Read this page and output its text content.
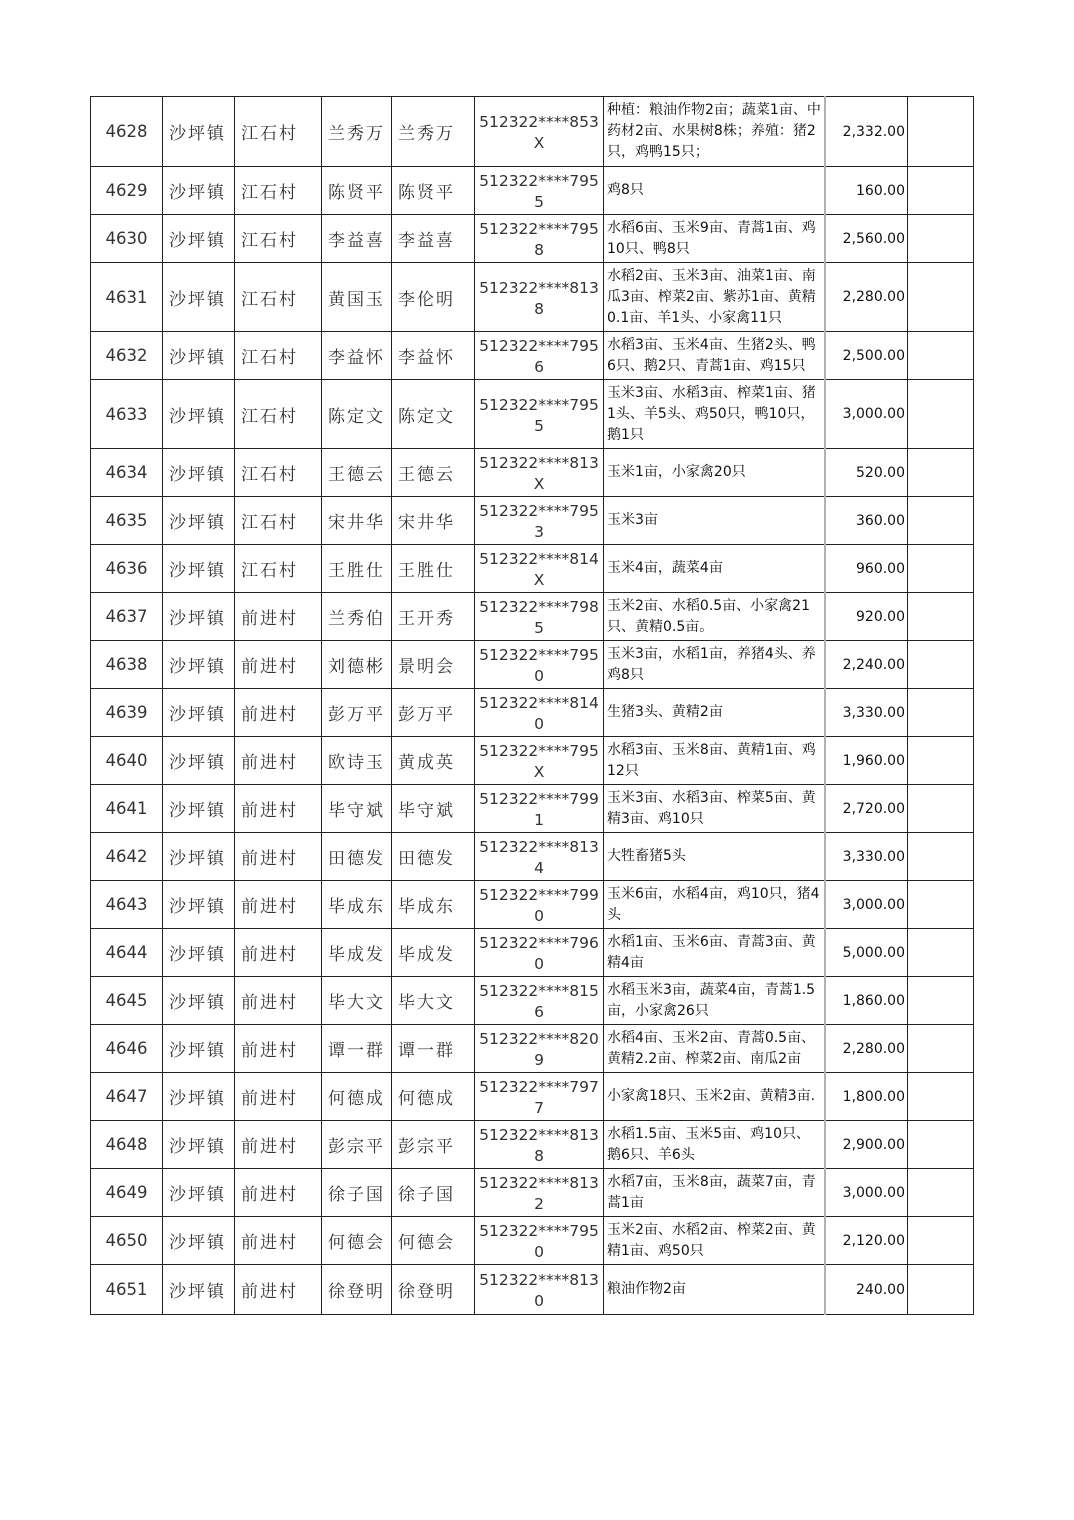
4628	沙坪镇	江石村	兰秀万	兰秀万	512322****853X	种植：粮油作物2亩；蔬菜1亩、中药材2亩、水果树8株；养殖：猪2只，鸡鸭15只；	2,332.00	
4629	沙坪镇	江石村	陈贤平	陈贤平	512322****7955	鸡8只	160.00	
4630	沙坪镇	江石村	李益喜	李益喜	512322****7958	水稻6亩、玉米9亩、青蒿1亩、鸡10只、鸭8只	2,560.00	
4631	沙坪镇	江石村	黄国玉	李伦明	512322****8138	水稻2亩、玉米3亩、油菜1亩、南瓜3亩、榨菜2亩、紫苏1亩、黄精0.1亩、羊1头、小家禽11只	2,280.00	
4632	沙坪镇	江石村	李益怀	李益怀	512322****7956	水稻3亩、玉米4亩、生猪2头、鸭6只、鹅2只、青蒿1亩、鸡15只	2,500.00	
4633	沙坪镇	江石村	陈定文	陈定文	512322****7955	玉米3亩、水稻3亩、榨菜1亩、猪1头、羊5头、鸡50只，鸭10只，鹅1只	3,000.00	
4634	沙坪镇	江石村	王德云	王德云	512322****813X	玉米1亩，小家禽20只	520.00	
4635	沙坪镇	江石村	宋井华	宋井华	512322****7953	玉米3亩	360.00	
4636	沙坪镇	江石村	王胜仕	王胜仕	512322****814X	玉米4亩，蔬菜4亩	960.00	
4637	沙坪镇	前进村	兰秀伯	王开秀	512322****7985	玉米2亩、水稻0.5亩、小家禽21只、黄精0.5亩。	920.00	
4638	沙坪镇	前进村	刘德彬	景明会	512322****7950	玉米3亩，水稻1亩，养猪4头、养鸡8只	2,240.00	
4639	沙坪镇	前进村	彭万平	彭万平	512322****8140	生猪3头、黄精2亩	3,330.00	
4640	沙坪镇	前进村	欧诗玉	黄成英	512322****795X	水稻3亩、玉米8亩、黄精1亩、鸡12只	1,960.00	
4641	沙坪镇	前进村	毕守斌	毕守斌	512322****7991	玉米3亩、水稻3亩、榨菜5亩、黄精3亩、鸡10只	2,720.00	
4642	沙坪镇	前进村	田德发	田德发	512322****8134	大牲畜猪5头	3,330.00	
4643	沙坪镇	前进村	毕成东	毕成东	512322****7990	玉米6亩，水稻4亩，鸡10只，猪4头	3,000.00	
4644	沙坪镇	前进村	毕成发	毕成发	512322****7960	水稻1亩、玉米6亩、青蒿3亩、黄精4亩	5,000.00	
4645	沙坪镇	前进村	毕大文	毕大文	512322****8156	水稻玉米3亩，蔬菜4亩，青蒿1.5亩，小家禽26只	1,860.00	
4646	沙坪镇	前进村	谭一群	谭一群	512322****8209	水稻4亩、玉米2亩、青蒿0.5亩、黄精2.2亩、榨菜2亩、南瓜2亩	2,280.00	
4647	沙坪镇	前进村	何德成	何德成	512322****7977	小家禽18只、玉米2亩、黄精3亩.	1,800.00	
4648	沙坪镇	前进村	彭宗平	彭宗平	512322****8138	水稻1.5亩、玉米5亩、鸡10只、鹅6只、羊6头	2,900.00	
4649	沙坪镇	前进村	徐子国	徐子国	512322****8132	水稻7亩，玉米8亩，蔬菜7亩，青蒿1亩	3,000.00	
4650	沙坪镇	前进村	何德会	何德会	512322****7950	玉米2亩、水稻2亩、榨菜2亩、黄精1亩、鸡50只	2,120.00	
4651	沙坪镇	前进村	徐登明	徐登明	512322****8130	粮油作物2亩	240.00	
